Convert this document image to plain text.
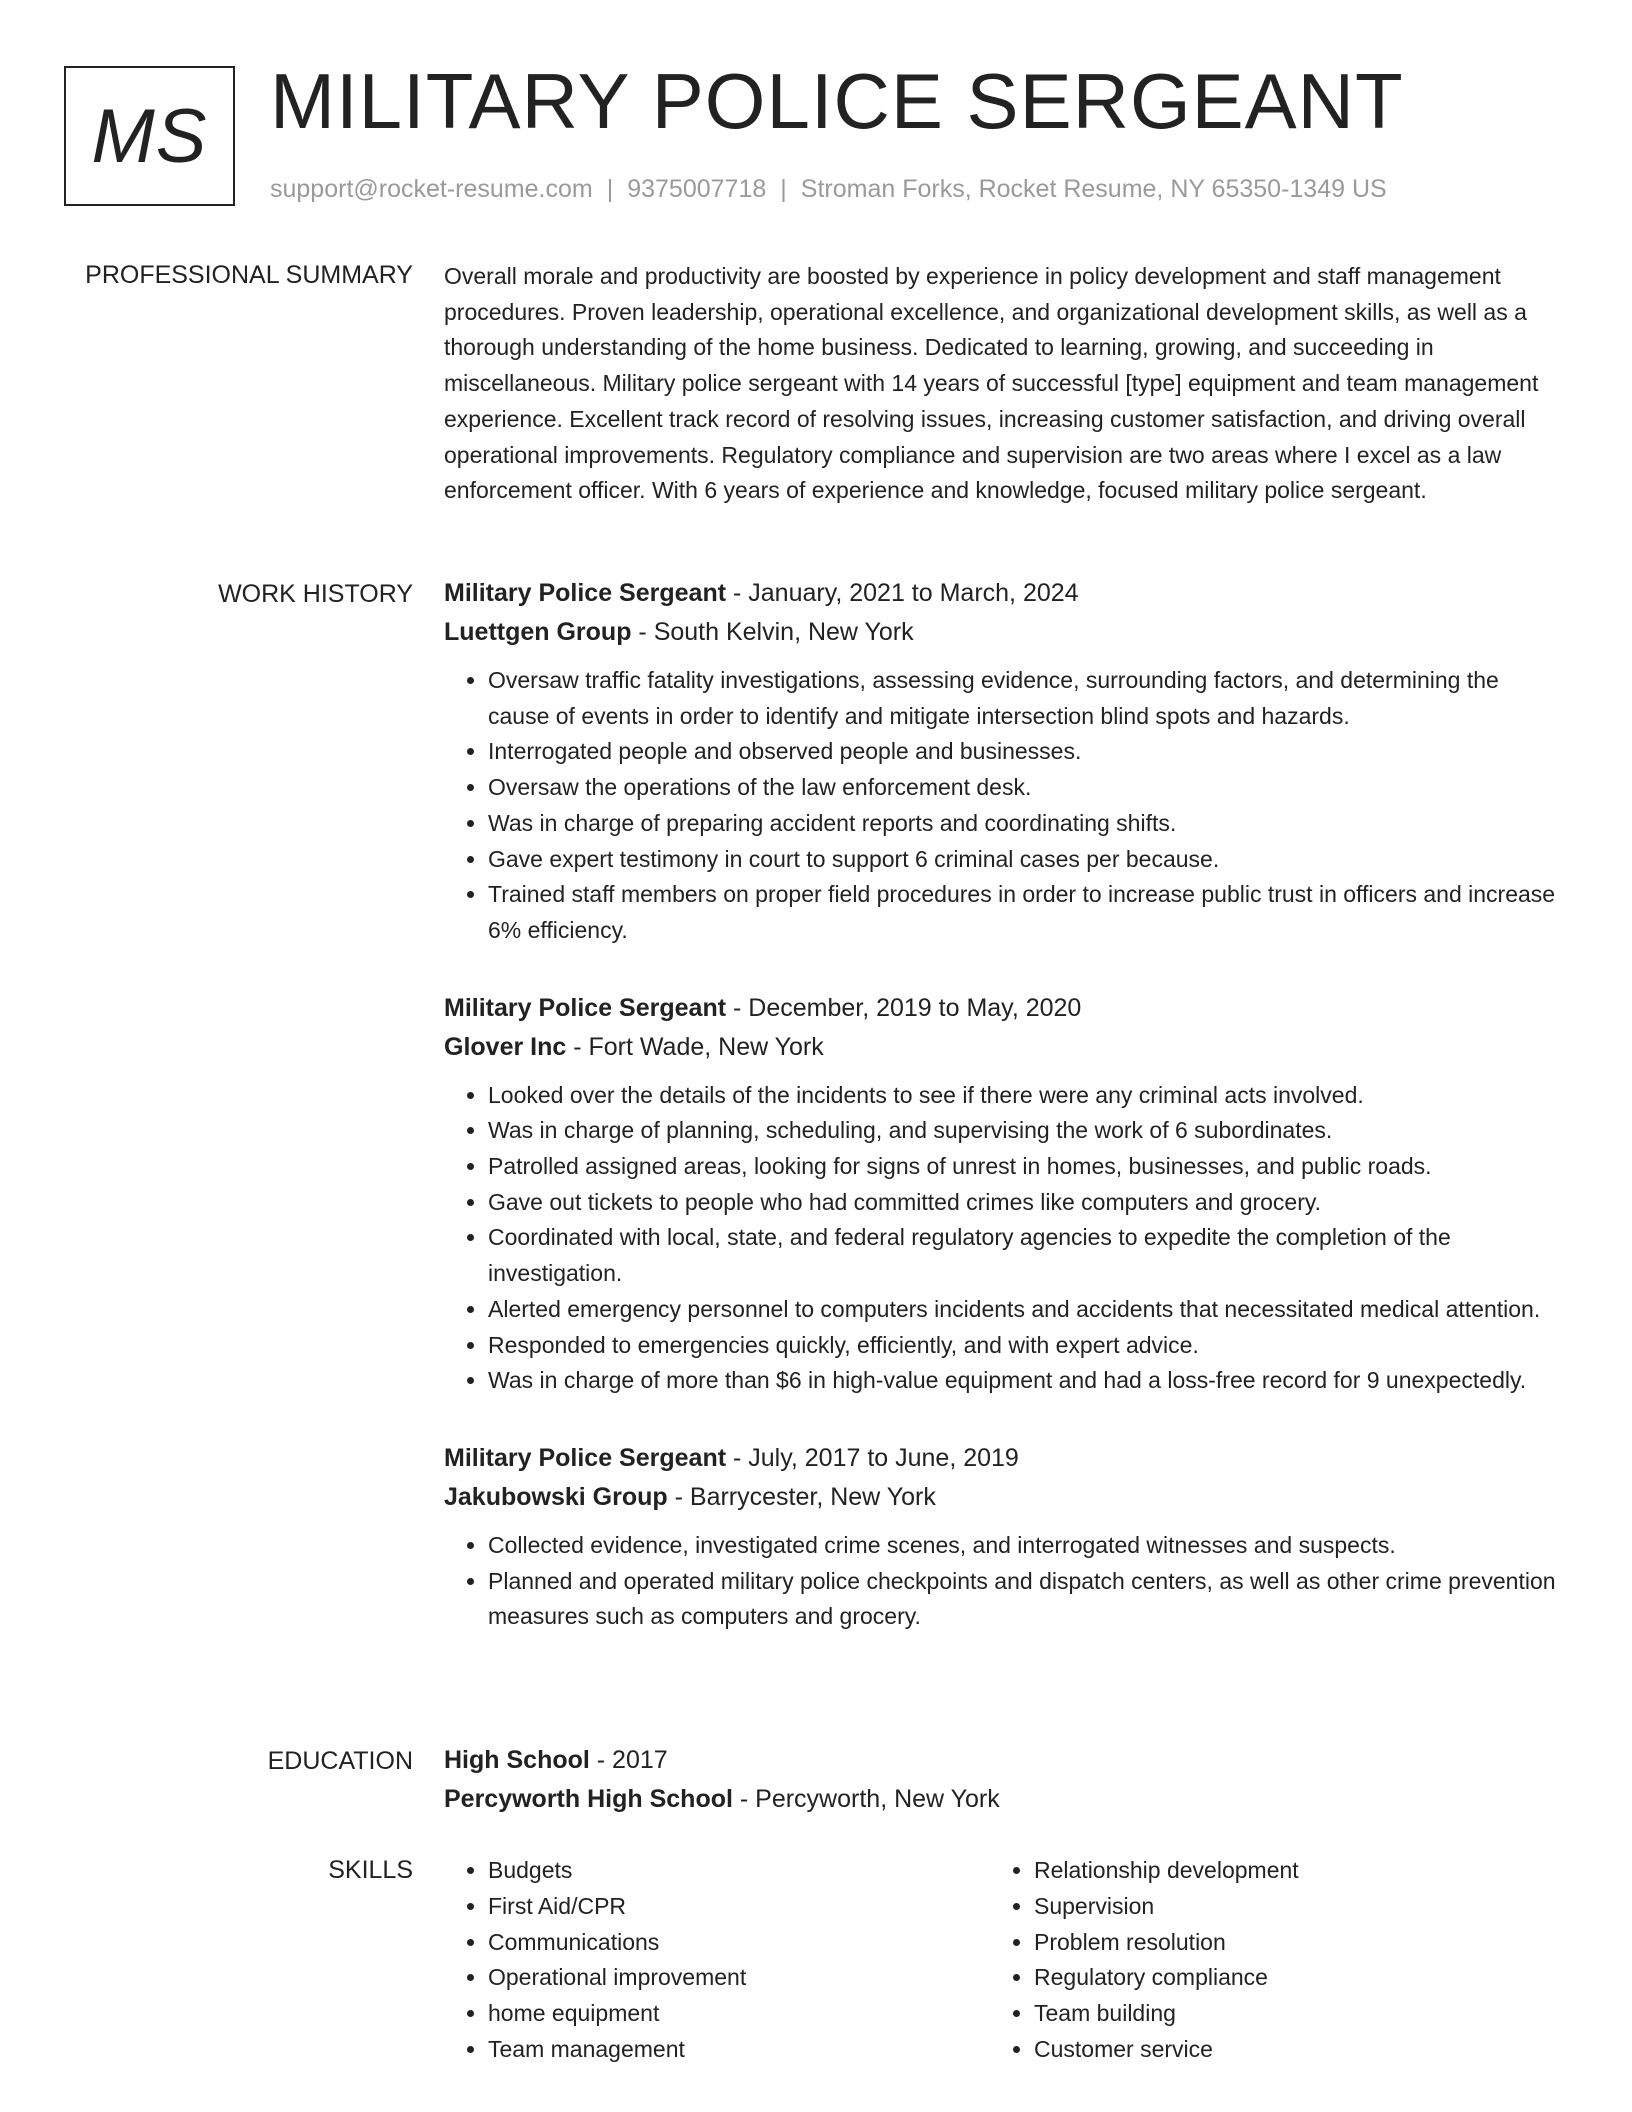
MS MILITARY POLICE SERGEANT
support@rocket-resume.com | 9375007718 | Stroman Forks, Rocket Resume, NY 65350-1349 US
PROFESSIONAL SUMMARY Overall morale and productivity are boosted by experience in policy development and staff management procedures. Proven leadership, operational excellence, and organizational development skills, as well as a thorough understanding of the home business. Dedicated to learning, growing, and succeeding in miscellaneous. Military police sergeant with 14 years of successful [type] equipment and team management experience. Excellent track record of resolving issues, increasing customer satisfaction, and driving overall operational improvements. Regulatory compliance and supervision are two areas where I excel as a law enforcement officer. With 6 years of experience and knowledge, focused military police sergeant.

WORK HISTORY Military Police Sergeant - January, 2021 to March, 2024

Luettgen Group - South Kelvin, New York

• Oversaw traffic fatality investigations, assessing evidence, surrounding factors, and determining the cause of events in order to identify and mitigate intersection blind spots and hazards.
• Interrogated people and observed people and businesses.
• Oversaw the operations of the law enforcement desk.
• Was in charge of preparing accident reports and coordinating shifts.
• Gave expert testimony in court to support 6 criminal cases per because.
• Trained staff members on proper field procedures in order to increase public trust in officers and increase 6% efficiency.

Military Police Sergeant - December, 2019 to May, 2020

Glover Inc - Fort Wade, New York

• Looked over the details of the incidents to see if there were any criminal acts involved.
• Was in charge of planning, scheduling, and supervising the work of 6 subordinates.
• Patrolled assigned areas, looking for signs of unrest in homes, businesses, and public roads.
• Gave out tickets to people who had committed crimes like computers and grocery.
• Coordinated with local, state, and federal regulatory agencies to expedite the completion of the investigation.
• Alerted emergency personnel to computers incidents and accidents that necessitated medical attention.
• Responded to emergencies quickly, efficiently, and with expert advice.
• Was in charge of more than $6 in high-value equipment and had a loss-free record for 9 unexpectedly.

Military Police Sergeant - July, 2017 to June, 2019

Jakubowski Group - Barrycester, New York

• Collected evidence, investigated crime scenes, and interrogated witnesses and suspects.
• Planned and operated military police checkpoints and dispatch centers, as well as other crime prevention measures such as computers and grocery.
EDUCATION High School - 2017

Percyworth High School - Percyworth, New York

SKILLS
•	Budgets
• First Aid/CPR
• Communications
• Operational improvement
• home equipment
• Team management
• Relationship development
• Supervision
• Problem resolution
• Regulatory compliance
• Team building
• Customer service
